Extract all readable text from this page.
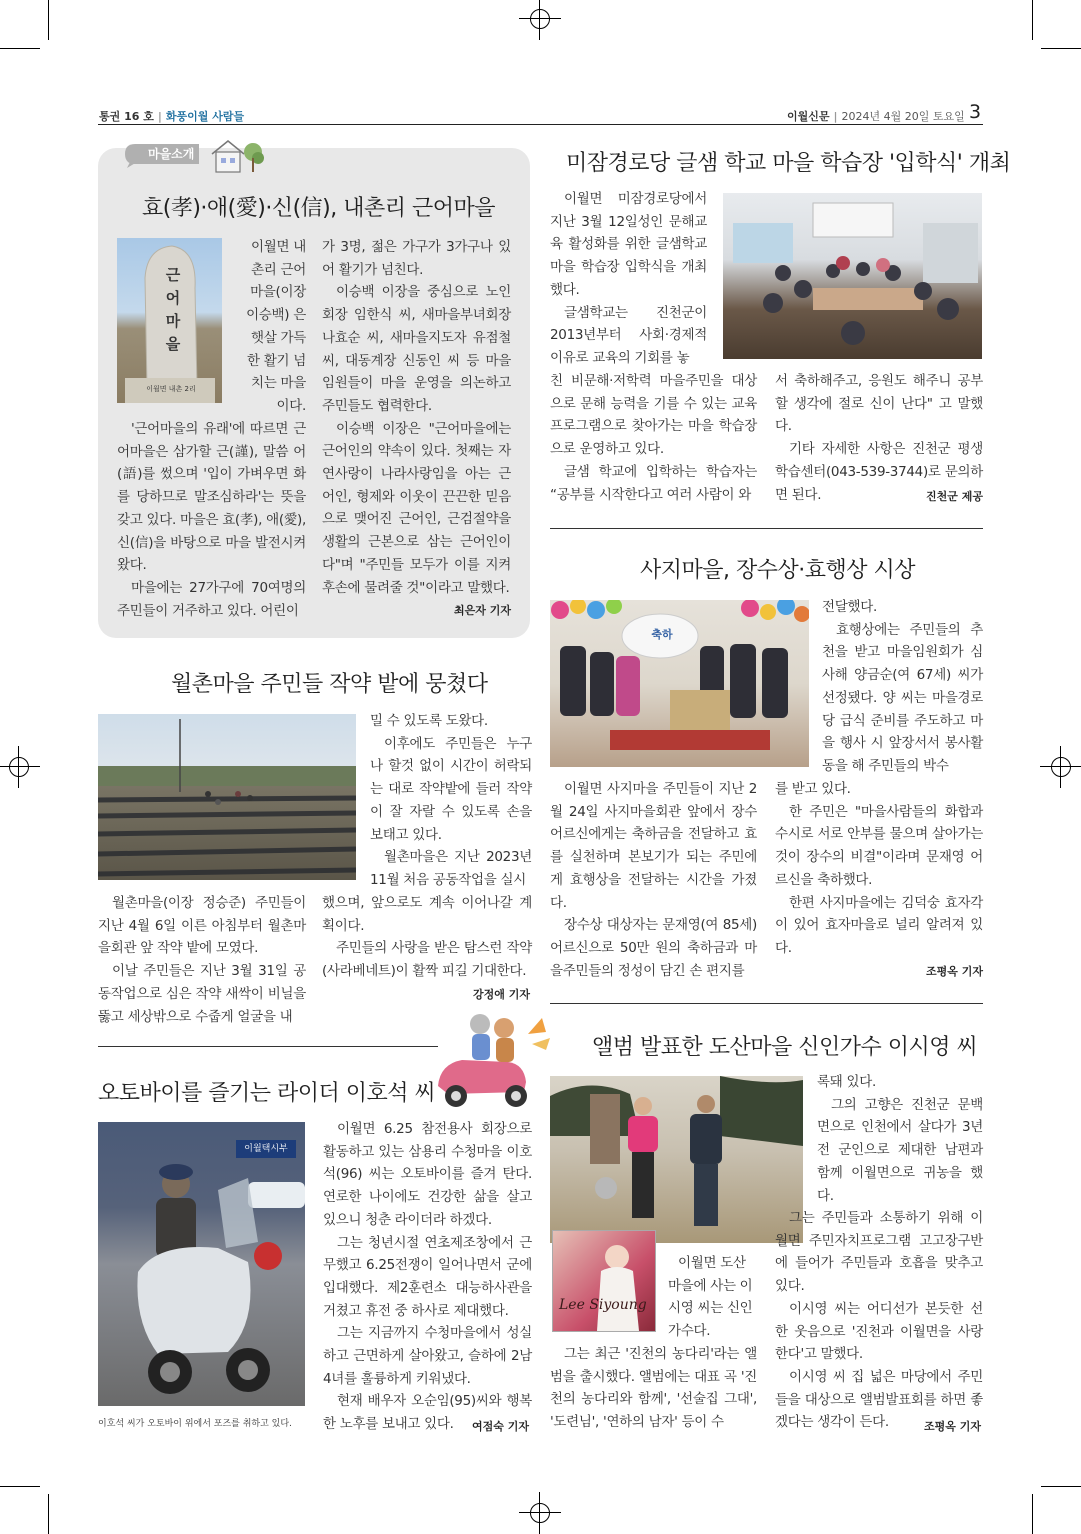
통권 16 호 | 화풍이월 사람들	이월신문 | 2024년 4월 20일 토요일 3
마을소개
효(孝)·애(愛)·신(信), 내촌리 근어마을
근어마을
이월면 내촌 2리
이월면 내
촌리 근어
마을(이장
이승백) 은
햇살 가득
한 활기 넘
치는 마을
이다.

'근어마을의 유래'에 따르면 근어마을은 삼가할 근(謹), 말씀 어(語)를 썼으며 '입이 가벼우면 화를 당하므로 말조심하라'는 뜻을 갖고 있다. 마을은 효(孝), 애(愛), 신(信)을 바탕으로 마을 발전시켜왔다.

마을에는 27가구에 70여명의 주민들이 거주하고 있다. 어린이

가 3명, 젊은 가구가 3가구나 있어 활기가 넘친다.

이승백 이장을 중심으로 노인회장 임한식 씨, 새마을부녀회장 나효순 씨, 새마을지도자 유점철 씨, 대동계장 신동인 씨 등 마을임원들이 마을 운영을 의논하고 주민들도 협력한다.

이승백 이장은 "근어마을에는 근어인의 약속이 있다. 첫째는 자연사랑이 나라사랑임을 아는 근어인, 형제와 이웃이 끈끈한 믿음으로 맺어진 근어인, 근검절약을 생활의 근본으로 삼는 근어인이다"며 "주민들 모두가 이를 지켜 후손에 물려줄 것"이라고 말했다.

최은자 기자
월촌마을 주민들 작약 밭에 뭉쳤다

밀 수 있도록 도왔다.

이후에도 주민들은 누구나 할것 없이 시간이 허락되는 대로 작약밭에 들러 작약이 잘 자랄 수 있도록 손을 보태고 있다.

월촌마을은 지난 2023년 11월 처음 공동작업을 실시

월촌마을(이장 정승준) 주민들이 지난 4월 6일 이른 아침부터 월촌마을회관 앞 작약 밭에 모였다.

이날 주민들은 지난 3월 31일 공동작업으로 심은 작약 새싹이 비닐을 뚫고 세상밖으로 수줍게 얼굴을 내

했으며, 앞으로도 계속 이어나갈 계획이다.

주민들의 사랑을 받은 탐스런 작약(사라베네트)이 활짝 피길 기대한다.

강정애 기자
오토바이를 즐기는 라이더 이호석 씨
이월택시부
이호석 씨가 오토바이 위에서 포즈를 취하고 있다.

이월면 6.25 참전용사 회장으로 활동하고 있는 삼용리 수청마을 이호석(96) 씨는 오토바이를 즐겨 탄다. 연로한 나이에도 건강한 삶을 살고 있으니 청춘 라이더라 하겠다.

그는 청년시절 연초제조창에서 근무했고 6.25전쟁이 일어나면서 군에 입대했다. 제2훈련소 대능하사관을 거쳤고 휴전 중 하사로 제대했다.

그는 지금까지 수청마을에서 성실하고 근면하게 살아왔고, 슬하에 2남 4녀를 훌륭하게 키워냈다.

현재 배우자 오순임(95)씨와 행복한 노후를 보내고 있다.	여점숙 기자
미잠경로당 글샘 학교 마을 학습장 '입학식' 개최

이월면 미잠경로당에서 지난 3월 12일성인 문해교육 활성화를 위한 글샘학교 마을 학습장 입학식을 개최했다.

글샘학교는 진천군이 2013년부터 사회·경제적 이유로 교육의 기회를 놓

친 비문해·저학력 마을주민을 대상으로 문해 능력을 기를 수 있는 교육 프로그램으로 찾아가는 마을 학습장으로 운영하고 있다.

글샘 학교에 입학하는 학습자는 “공부를 시작한다고 여러 사람이 와

서 축하해주고, 응원도 해주니 공부할 생각에 절로 신이 난다" 고 말했다.

기타 자세한 사항은 진천군 평생학습센터(043-539-3744)로 문의하면 된다.	진천군 제공
사지마을, 장수상·효행상 시상
축하

전달했다.

효행상에는 주민들의 추천을 받고 마을임원회가 심사해 양금순(여 67세) 씨가 선정됐다. 양 씨는 마을경로당 급식 준비를 주도하고 마을 행사 시 앞장서서 봉사활동을 해 주민들의 박수

이월면 사지마을 주민들이 지난 2월 24일 사지마을회관 앞에서 장수어르신에게는 축하금을 전달하고 효를 실천하며 본보기가 되는 주민에게 효행상을 전달하는 시간을 가졌다.

장수상 대상자는 문재영(여 85세) 어르신으로 50만 원의 축하금과 마을주민들의 정성이 담긴 손 편지를

를 받고 있다.

한 주민은 "마을사람들의 화합과 수시로 서로 안부를 물으며 살아가는것이 장수의 비결"이라며 문재영 어르신을 축하했다.

한편 사지마을에는 김덕숭 효자각이 있어 효자마을로 널리 알려져 있다.

조평옥 기자
앨범 발표한 도산마을 신인가수 이시영 씨
Lee Siyoung
이월면 도산
마을에 사는 이
시영 씨는 신인
가수다.

그는 최근 '진천의 농다리'라는 앨범을 출시했다. 앨범에는 대표 곡 '진천의 농다리와 함께', '선술집 그대', '도련님', '연하의 남자' 등이 수

록돼 있다.

그의 고향은 진천군 문백면으로 인천에서 살다가 3년 전 군인으로 제대한 남편과 함께 이월면으로 귀농을 했다.

그는 주민들과 소통하기 위해 이월면 주민자치프로그램 고고장구반에 들어가 주민들과 호흡을 맞추고 있다.

이시영 씨는 어디선가 본듯한 선한 웃음으로 '진천과 이월면을 사랑한다'고 말했다.

이시영 씨 집 넓은 마당에서 주민들을 대상으로 앨범발표회를 하면 좋겠다는 생각이 든다.	조평옥 기자
